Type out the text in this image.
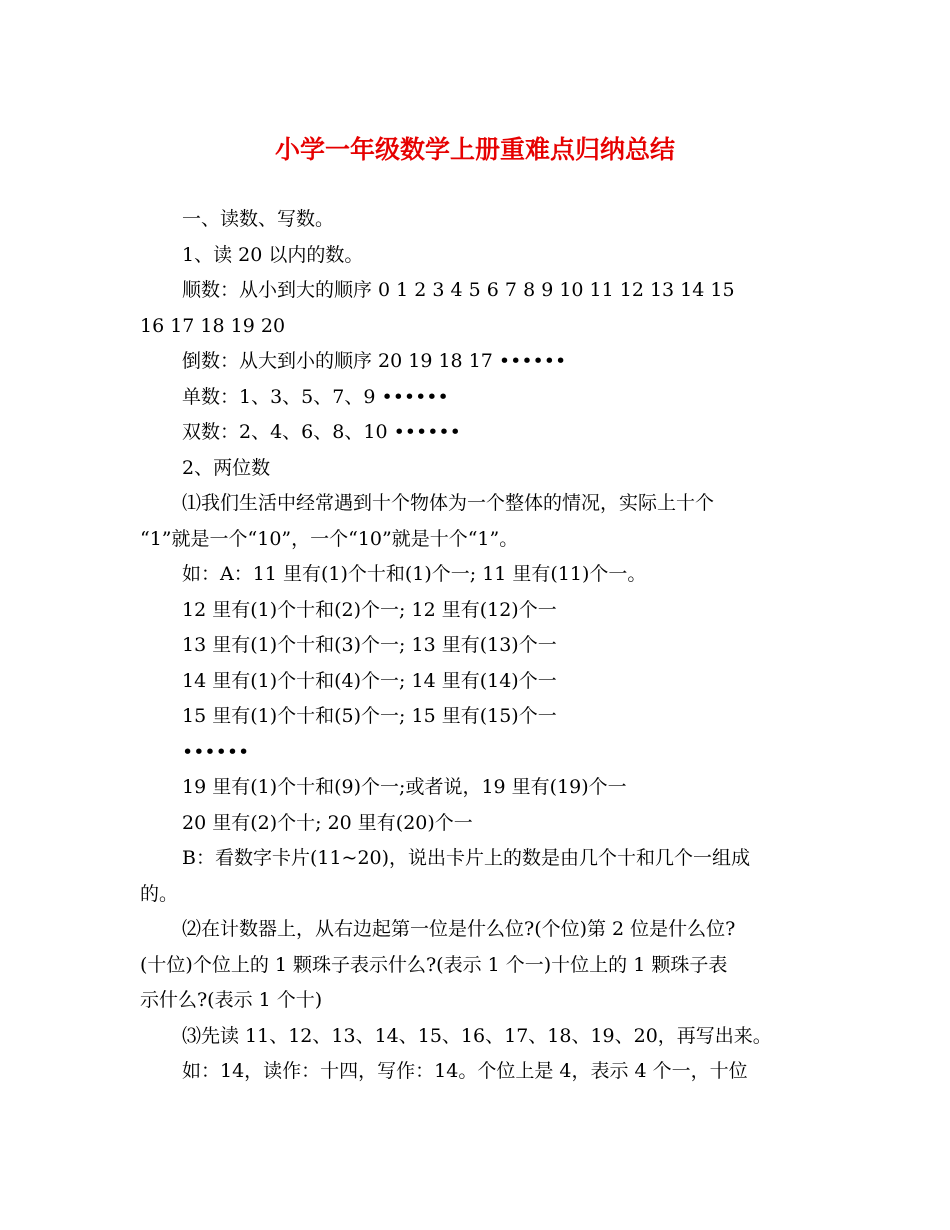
小学一年级数学上册重难点归纳总结

一、读数、写数。

1、读 20 以内的数。

顺数：从小到大的顺序 0 1 2 3 4 5 6 7 8 9 10 11 12 13 14 15

16 17 18 19 20

倒数：从大到小的顺序 20 19 18 17 ••••••

单数：1、3、5、7、9 ••••••

双数：2、4、6、8、10 ••••••

2、两位数

⑴我们生活中经常遇到十个物体为一个整体的情况，实际上十个

“1”就是一个“10”，一个“10”就是十个“1”。

如：A：11 里有(1)个十和(1)个一; 11 里有(11)个一。

12 里有(1)个十和(2)个一; 12 里有(12)个一

13 里有(1)个十和(3)个一; 13 里有(13)个一

14 里有(1)个十和(4)个一; 14 里有(14)个一

15 里有(1)个十和(5)个一; 15 里有(15)个一

••••••

19 里有(1)个十和(9)个一;或者说，19 里有(19)个一

20 里有(2)个十; 20 里有(20)个一

B：看数字卡片(11~20)，说出卡片上的数是由几个十和几个一组成

的。

⑵在计数器上，从右边起第一位是什么位?(个位)第 2 位是什么位?

(十位)个位上的 1 颗珠子表示什么?(表示 1 个一)十位上的 1 颗珠子表

示什么?(表示 1 个十)

⑶先读 11、12、13、14、15、16、17、18、19、20，再写出来。

如：14，读作：十四，写作：14。个位上是 4，表示 4 个一，十位
